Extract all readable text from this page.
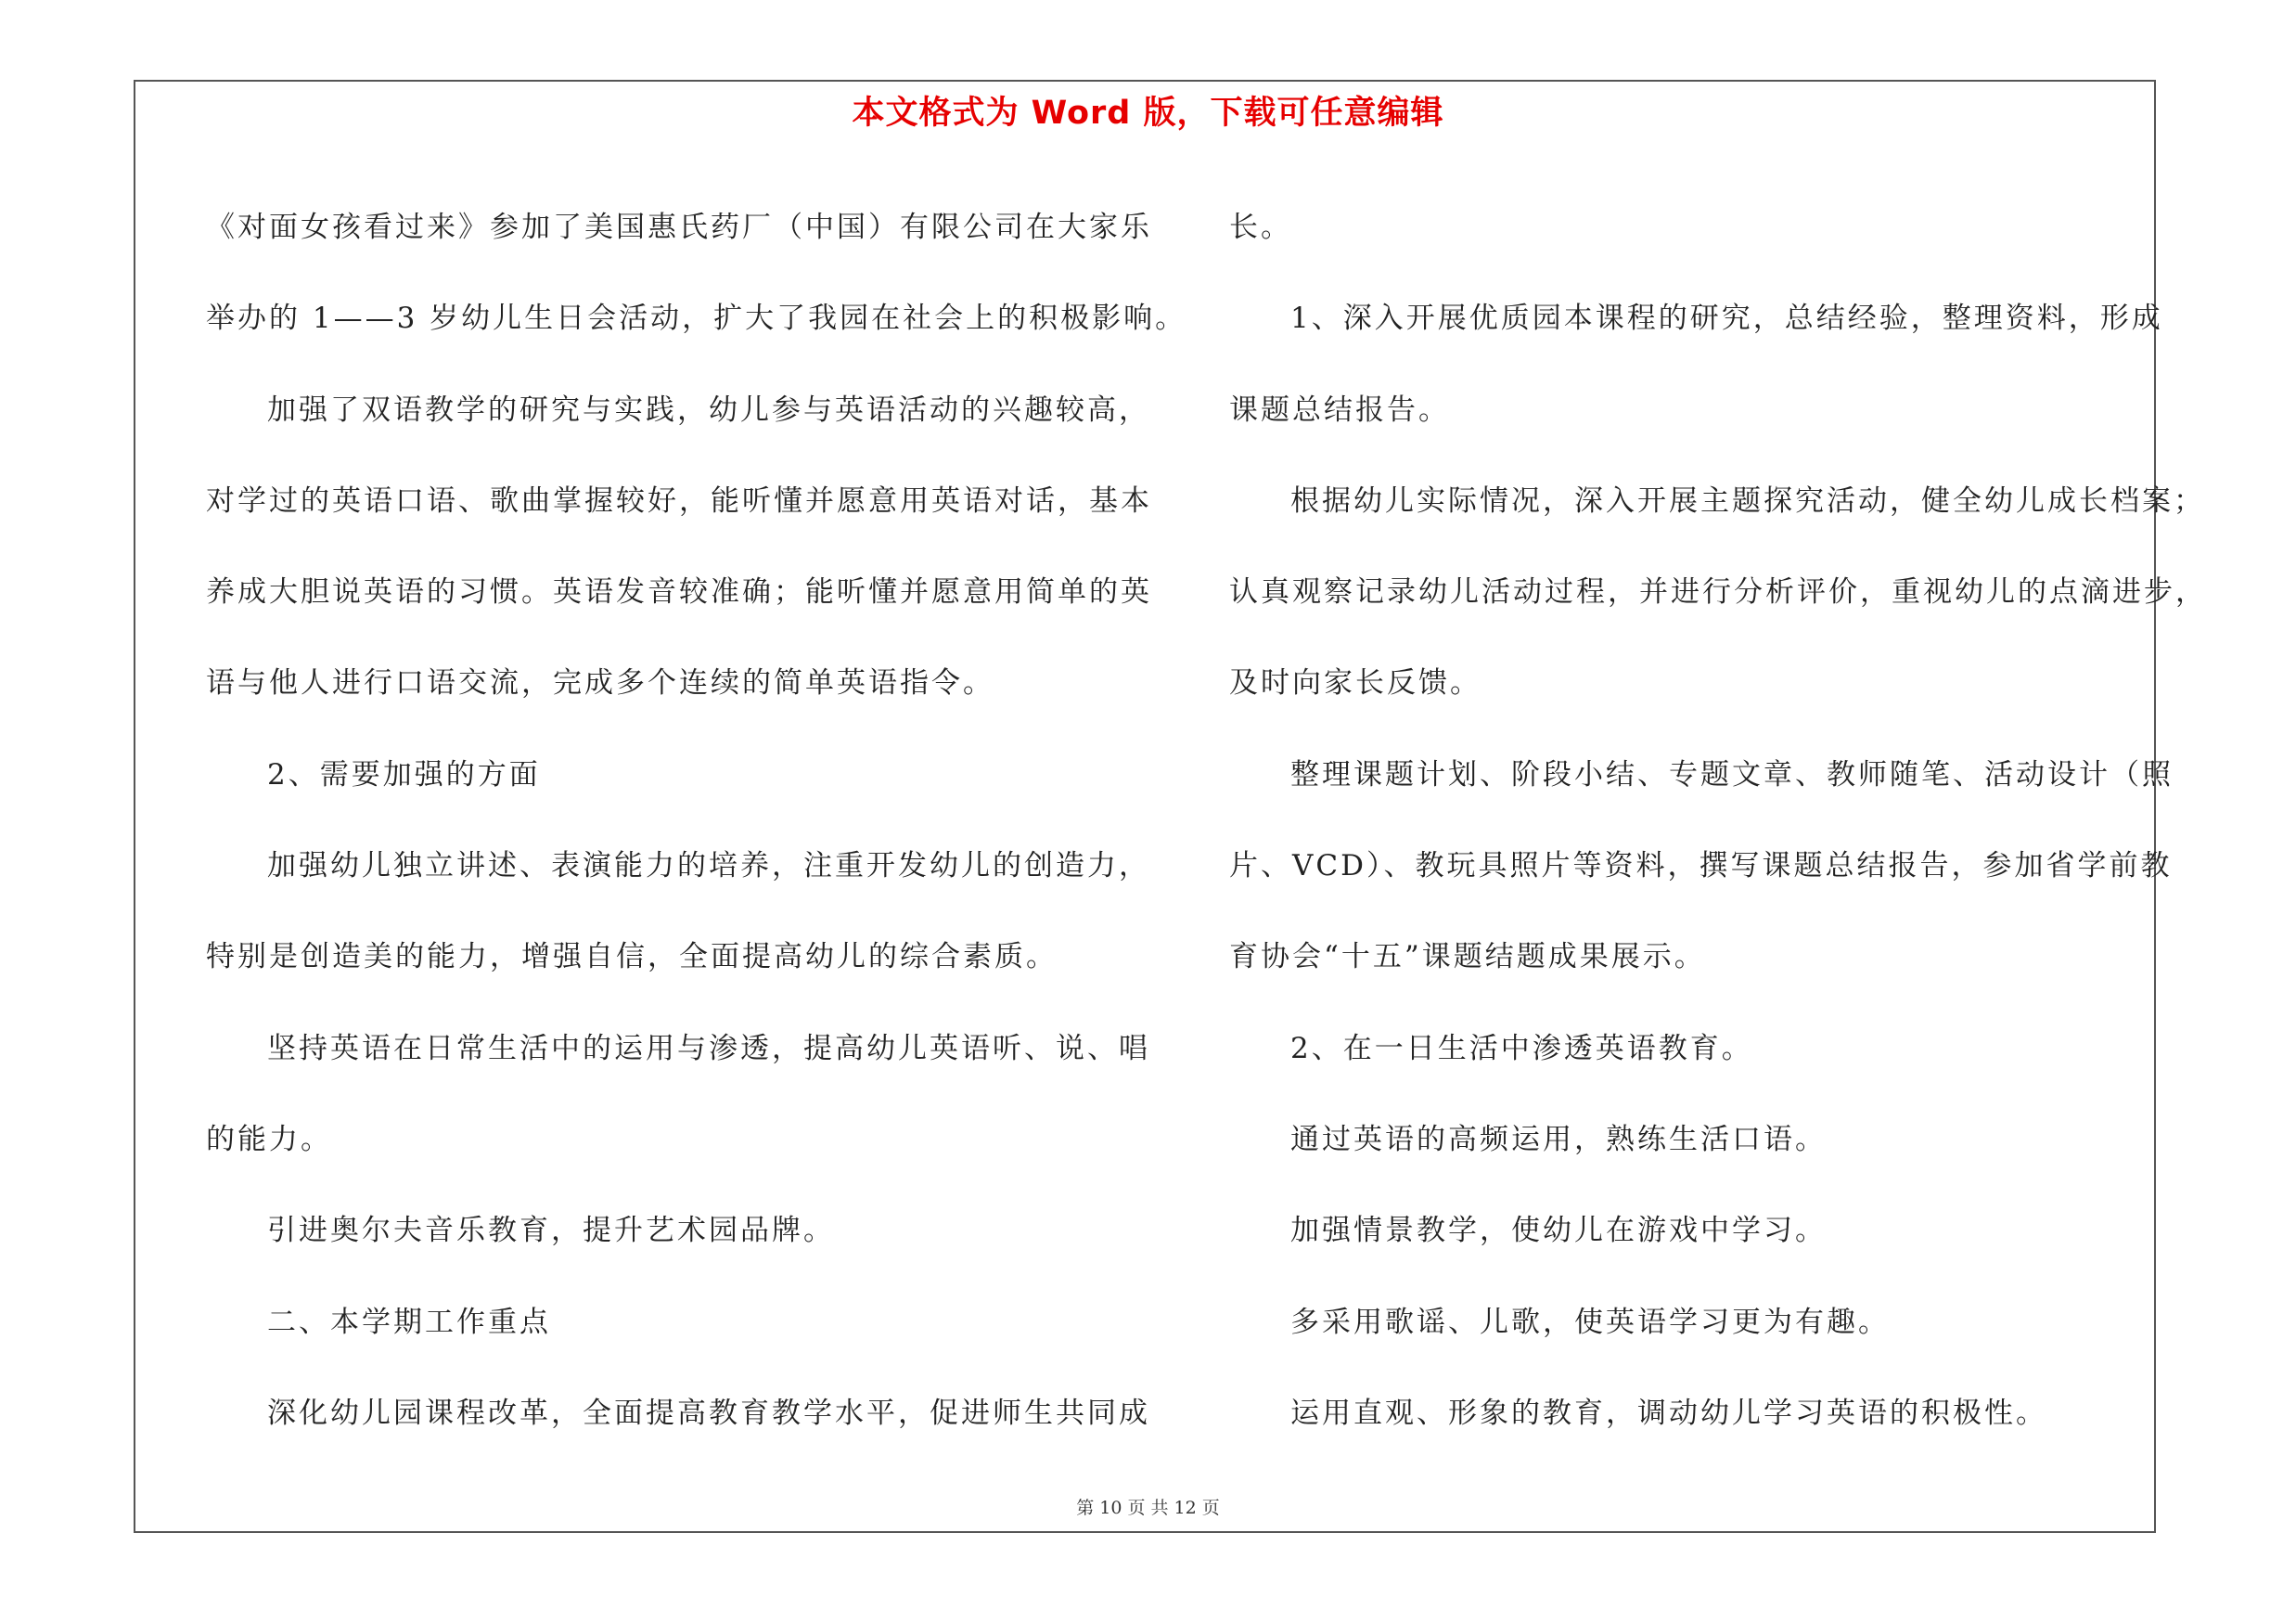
本文格式为 Word 版，下载可任意编辑
《对面女孩看过来》参加了美国惠氏药厂（中国）有限公司在大家乐
举办的 1——3 岁幼儿生日会活动，扩大了我园在社会上的积极影响。
加强了双语教学的研究与实践，幼儿参与英语活动的兴趣较高，
对学过的英语口语、歌曲掌握较好，能听懂并愿意用英语对话，基本
养成大胆说英语的习惯。英语发音较准确；能听懂并愿意用简单的英
语与他人进行口语交流，完成多个连续的简单英语指令。
2、需要加强的方面
加强幼儿独立讲述、表演能力的培养，注重开发幼儿的创造力，
特别是创造美的能力，增强自信，全面提高幼儿的综合素质。
坚持英语在日常生活中的运用与渗透，提高幼儿英语听、说、唱
的能力。
引进奥尔夫音乐教育，提升艺术园品牌。
二、本学期工作重点
深化幼儿园课程改革，全面提高教育教学水平，促进师生共同成
长。
1、深入开展优质园本课程的研究，总结经验，整理资料，形成
课题总结报告。
根据幼儿实际情况，深入开展主题探究活动，健全幼儿成长档案；
认真观察记录幼儿活动过程，并进行分析评价，重视幼儿的点滴进步，
及时向家长反馈。
整理课题计划、阶段小结、专题文章、教师随笔、活动设计（照
片、VCD）、教玩具照片等资料，撰写课题总结报告，参加省学前教
育协会“十五”课题结题成果展示。
2、在一日生活中渗透英语教育。
通过英语的高频运用，熟练生活口语。
加强情景教学，使幼儿在游戏中学习。
多采用歌谣、儿歌，使英语学习更为有趣。
运用直观、形象的教育，调动幼儿学习英语的积极性。
第 10 页 共 12 页
